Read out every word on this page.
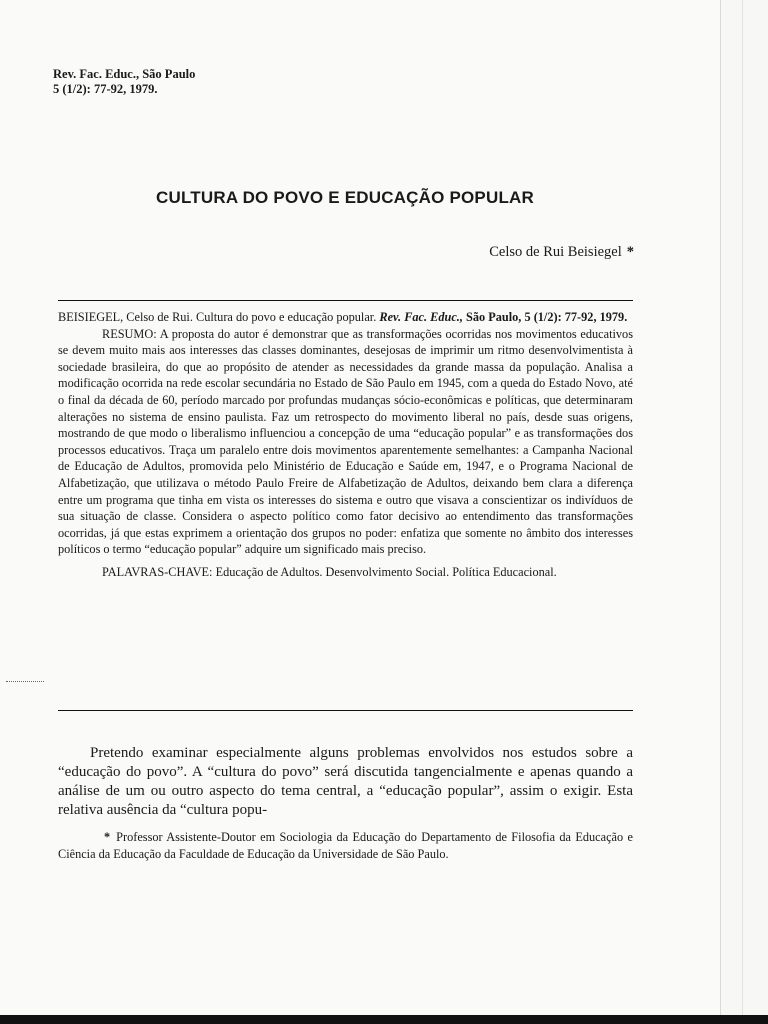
Rev. Fac. Educ., São Paulo
5 (1/2): 77-92, 1979.
CULTURA DO POVO E EDUCAÇÃO POPULAR
Celso de Rui Beisiegel *

BEISIEGEL, Celso de Rui. Cultura do povo e educação popular. Rev. Fac. Educ., São Paulo, 5 (1/2): 77-92, 1979.

RESUMO: A proposta do autor é demonstrar que as transformações ocorridas nos movimentos educativos se devem muito mais aos interesses das classes dominantes, desejosas de imprimir um ritmo desenvolvimentista à sociedade brasileira, do que ao propósito de atender as necessidades da grande massa da população. Analisa a modificação ocorrida na rede escolar secundária no Estado de São Paulo em 1945, com a queda do Estado Novo, até o final da década de 60, período marcado por profundas mudanças sócio-econômicas e políticas, que determinaram alterações no sistema de ensino paulista. Faz um retrospecto do movimento liberal no país, desde suas origens, mostrando de que modo o liberalismo influenciou a concepção de uma “educação popular” e as transformações dos processos educativos. Traça um paralelo entre dois movimentos aparentemente semelhantes: a Campanha Nacional de Educação de Adultos, promovida pelo Ministério de Educação e Saúde em, 1947, e o Programa Nacional de Alfabetização, que utilizava o método Paulo Freire de Alfabetização de Adultos, deixando bem clara a diferença entre um programa que tinha em vista os interesses do sistema e outro que visava a conscientizar os indivíduos de sua situação de classe. Considera o aspecto político como fator decisivo ao entendimento das transformações ocorridas, já que estas exprimem a orientação dos grupos no poder: enfatiza que somente no âmbito dos interesses políticos o termo “educação popular” adquire um significado mais preciso.

PALAVRAS-CHAVE: Educação de Adultos. Desenvolvimento Social. Política Educacional.

Pretendo examinar especialmente alguns problemas envolvidos nos estudos sobre a “educação do povo”. A “cultura do povo” será discutida tangencialmente e apenas quando a análise de um ou outro aspecto do tema central, a “educação popular”, assim o exigir. Esta relativa ausência da “cultura popu-

* Professor Assistente-Doutor em Sociologia da Educação do Departamento de Filosofia da Educação e Ciência da Educação da Faculdade de Educação da Universidade de São Paulo.
